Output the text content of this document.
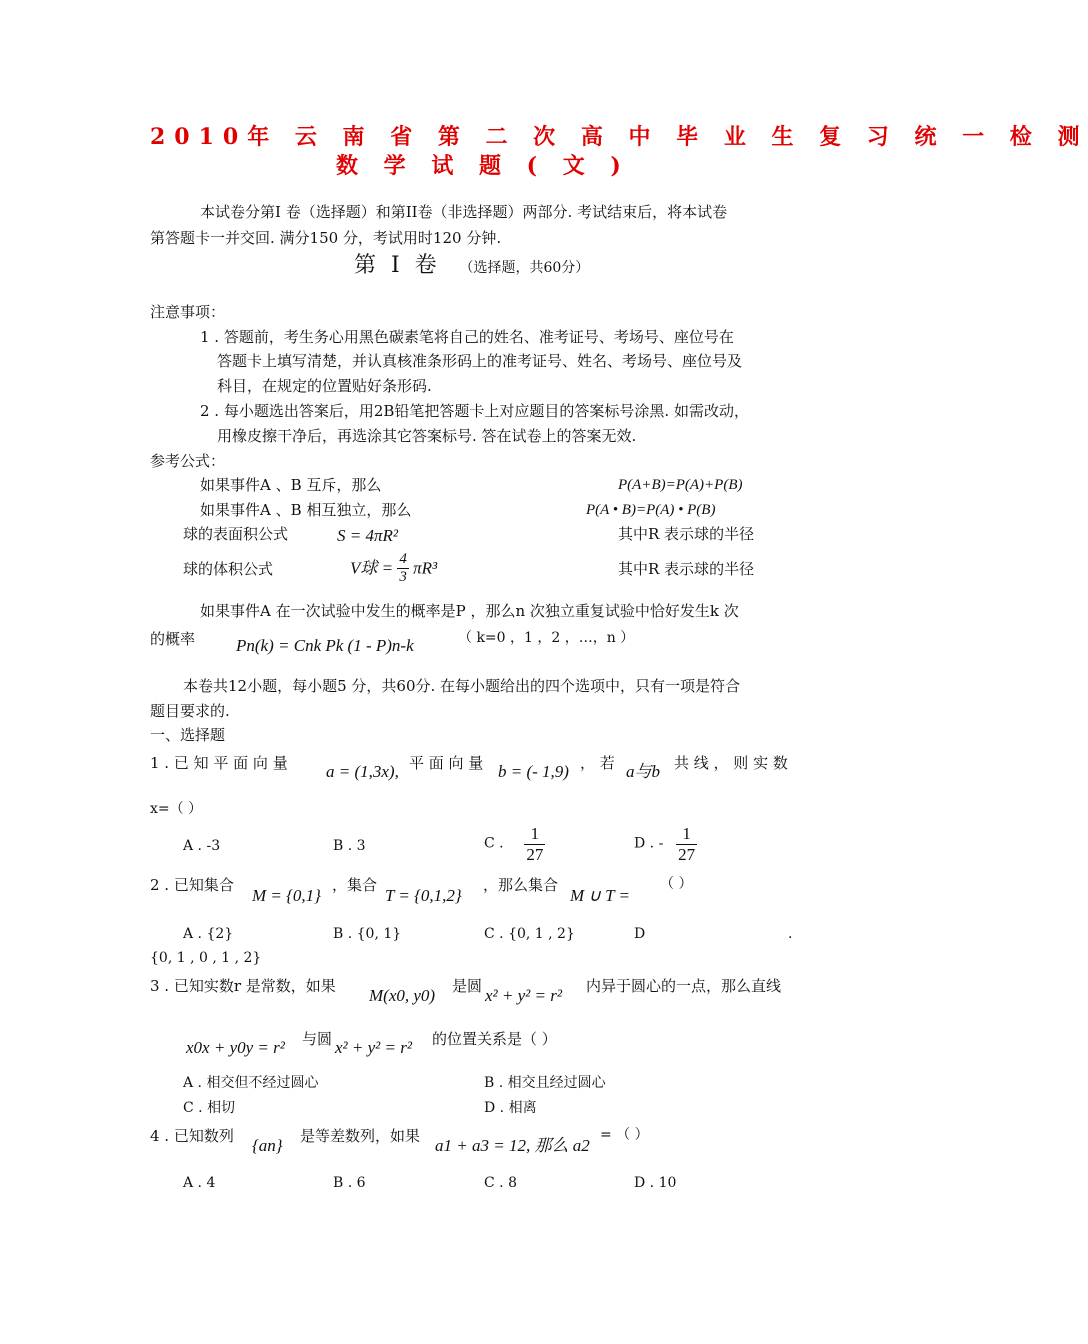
2010年 云 南 省 第 二 次 高 中 毕 业 生 复 习 统 一 检 测
数 学 试 题 ( 文 )
本试卷分第I 卷（选择题）和第II卷（非选择题）两部分. 考试结束后，将本试卷
第答题卡一并交回. 满分150 分，考试用时120 分钟.
第 Ⅰ 卷 （选择题，共60分）
注意事项：
1 . 答题前，考生务心用黑色碳素笔将自己的姓名、准考证号、考场号、座位号在
答题卡上填写清楚，并认真核准条形码上的准考证号、姓名、考场号、座位号及
科目，在规定的位置贴好条形码.
2 . 每小题选出答案后，用2B铅笔把答题卡上对应题目的答案标号涂黑. 如需改动，
用橡皮擦干净后，再选涂其它答案标号. 答在试卷上的答案无效.
参考公式：
如果事件A 、B 互斥，那么	P(A+B)=P(A)+P(B)
如果事件A 、B 相互独立，那么	P(A • B)=P(A) • P(B)
球的表面积公式	S = 4πR²	其中R 表示球的半径
球的体积公式	V球 = $\frac{4}{3} \pi R^3$	其中R 表示球的半径
如果事件A 在一次试验中发生的概率是P ，那么n 次独立重复试验中恰好发生k 次
的概率 Pn(k) = Cnk Pk (1 - P)n-k	（ k=0 ，1 ，2 ，…，n ）
本卷共12小题，每小题5 分，共60分. 在每小题给出的四个选项中，只有一项是符合
题目要求的.
一、选择题
1 . 已 知 平 面 向 量 a = (1,3x), 平 面 向 量 b = (- 1,9) ， 若 a与b 共 线 ， 则 实 数
x=（ ）
A . -3	B . 3	C . $\frac{1}{27}$	D . - $\frac{1}{27}$
2 . 已知集合
M = {0,1}
，集合
T = {0,1,2}
，那么集合
M ∪ T =
（ ）
A . {2}	B . {0, 1}	C . {0, 1 , 2}	D	.
{0, 1 , 0 , 1 , 2}
3 . 已知实数r 是常数，如果 M(x0, y0) 是圆 x² + y² = r² 内异于圆心的一点，那么直线
x0x + y0y = r² 与圆 x² + y² = r² 的位置关系是（ ）
A . 相交但不经过圆心	B . 相交且经过圆心
C . 相切	D . 相离
4 . 已知数列 {an} 是等差数列，如果 a1 + a3 = 12, 那么 a2
= （ ）
A . 4	B . 6	C . 8	D . 10
